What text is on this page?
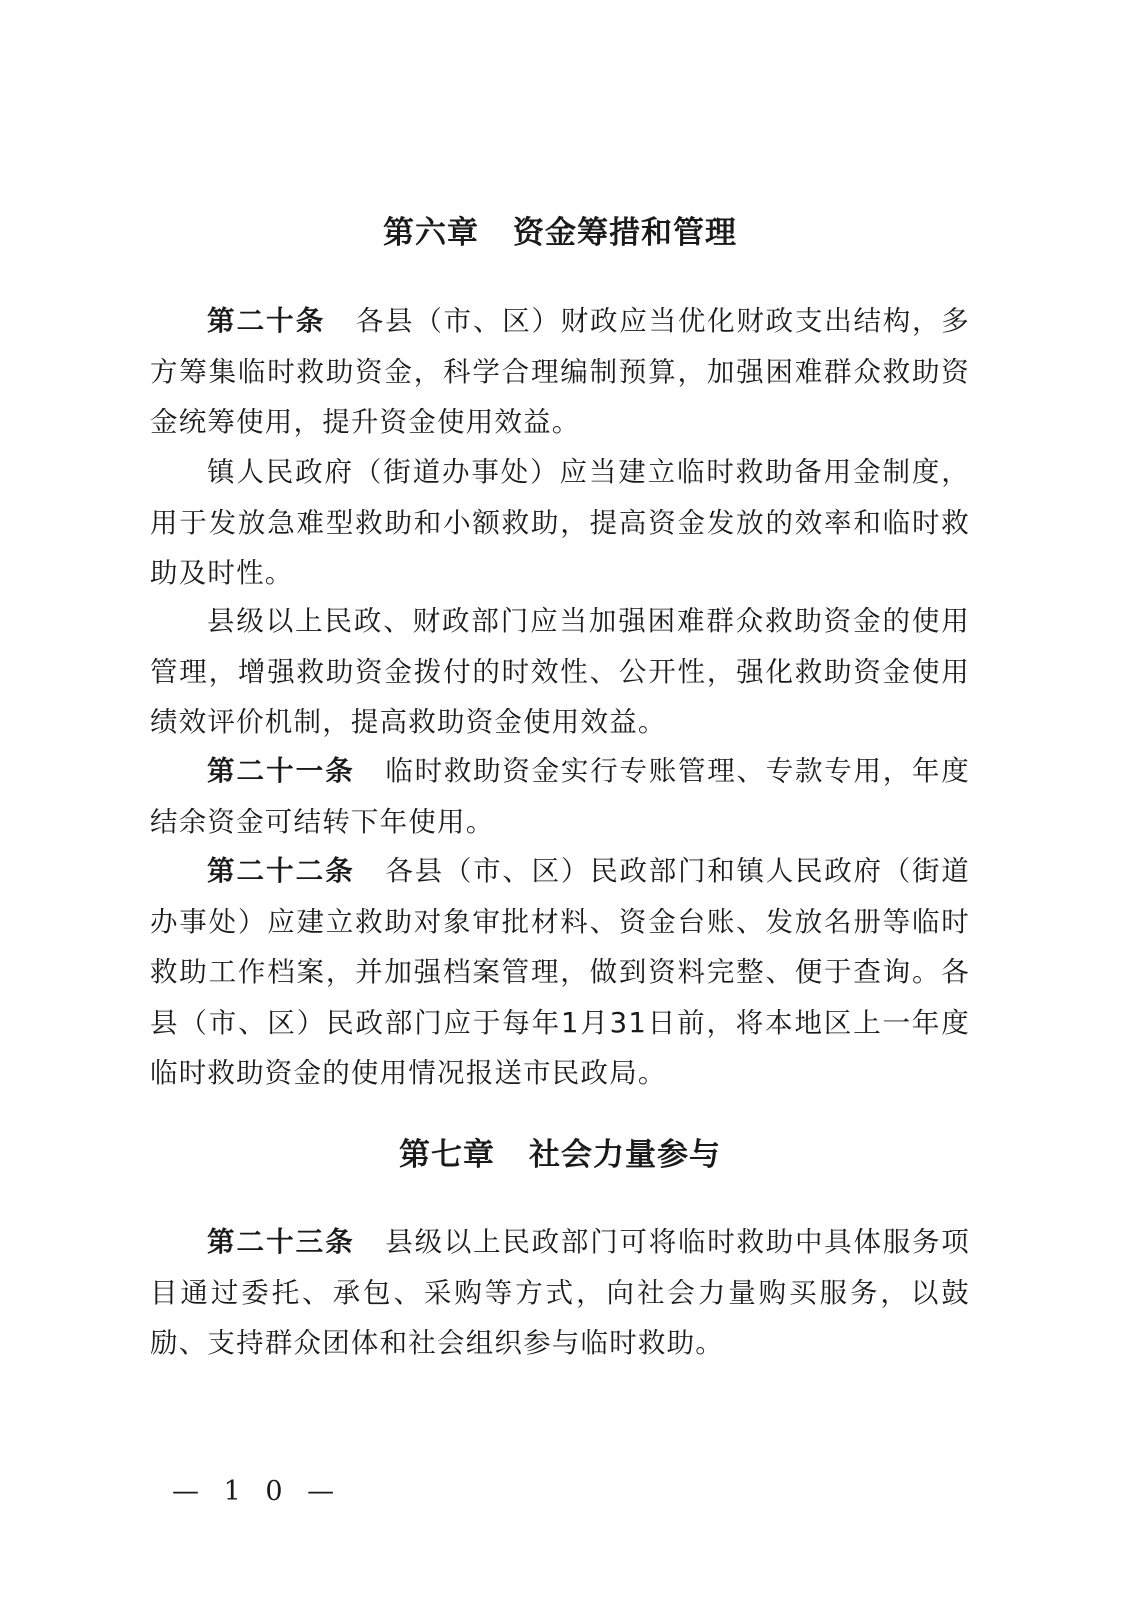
第六章 资金筹措和管理

第二十条 各县（市、区）财政应当优化财政支出结构，多方筹集临时救助资金，科学合理编制预算，加强困难群众救助资金统筹使用，提升资金使用效益。

镇人民政府（街道办事处）应当建立临时救助备用金制度，用于发放急难型救助和小额救助，提高资金发放的效率和临时救助及时性。

县级以上民政、财政部门应当加强困难群众救助资金的使用管理，增强救助资金拨付的时效性、公开性，强化救助资金使用绩效评价机制，提高救助资金使用效益。

第二十一条 临时救助资金实行专账管理、专款专用，年度结余资金可结转下年使用。

第二十二条 各县（市、区）民政部门和镇人民政府（街道办事处）应建立救助对象审批材料、资金台账、发放名册等临时救助工作档案，并加强档案管理，做到资料完整、便于查询。各县（市、区）民政部门应于每年1月31日前，将本地区上一年度临时救助资金的使用情况报送市民政局。

第七章 社会力量参与

第二十三条 县级以上民政部门可将临时救助中具体服务项目通过委托、承包、采购等方式，向社会力量购买服务，以鼓励、支持群众团体和社会组织参与临时救助。

— 1 0 —
